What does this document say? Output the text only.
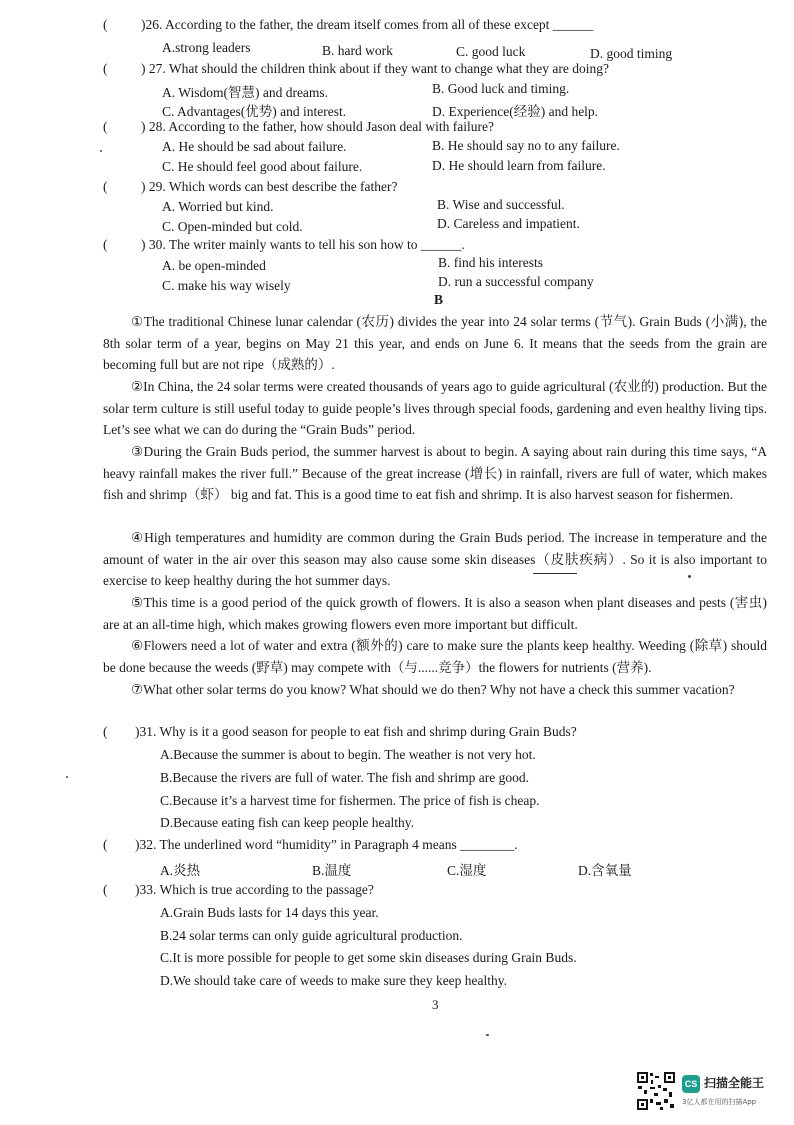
( )26. According to the father, the dream itself comes from all of these except ______
A.strong leaders	B. hard work	C. good luck	D. good timing
( ) 27. What should the children think about if they want to change what they are doing?
A. Wisdom(智慧) and dreams.	B. Good luck and timing.
C. Advantages(优势) and interest.	D. Experience(经验) and help.
( ) 28. According to the father, how should Jason deal with failure?
A. He should be sad about failure.	B. He should say no to any failure.
C. He should feel good about failure.	D. He should learn from failure.
( ) 29. Which words can best describe the father?
A. Worried but kind.	B. Wise and successful.
C. Open-minded but cold.	D. Careless and impatient.
( ) 30. The writer mainly wants to tell his son how to ______.
A. be open-minded	B. find his interests
C. make his way wisely	D. run a successful company
B
①The traditional Chinese lunar calendar (农历) divides the year into 24 solar terms (节气). Grain Buds (小满), the 8th solar term of a year, begins on May 21 this year, and ends on June 6. It means that the seeds from the grain are becoming full but are not ripe（成熟的）.
②In China, the 24 solar terms were created thousands of years ago to guide agricultural (农业的) production. But the solar term culture is still useful today to guide people’s lives through special foods, gardening and even healthy living tips. Let’s see what we can do during the “Grain Buds” period.
③During the Grain Buds period, the summer harvest is about to begin. A saying about rain during this time says, “A heavy rainfall makes the river full.” Because of the great increase (增长) in rainfall, rivers are full of water, which makes fish and shrimp（虾） big and fat. This is a good time to eat fish and shrimp. It is also harvest season for fishermen.
④High temperatures and humidity are common during the Grain Buds period. The increase in temperature and the amount of water in the air over this season may also cause some skin diseases（皮肤疾病）. So it is also important to exercise to keep healthy during the hot summer days.
⑤This time is a good period of the quick growth of flowers. It is also a season when plant diseases and pests (害虫) are at an all-time high, which makes growing flowers even more important but difficult.
⑥Flowers need a lot of water and extra (额外的) care to make sure the plants keep healthy. Weeding (除草) should be done because the weeds (野草) may compete with（与......竞争）the flowers for nutrients (营养).
⑦What other solar terms do you know? What should we do then? Why not have a check this summer vacation?
( )31. Why is it a good season for people to eat fish and shrimp during Grain Buds?
A.Because the summer is about to begin. The weather is not very hot.
B.Because the rivers are full of water. The fish and shrimp are good.
C.Because it’s a harvest time for fishermen. The price of fish is cheap.
D.Because eating fish can keep people healthy.
( )32. The underlined word “humidity” in Paragraph 4 means ________.
A.炎热	B.温度	C.湿度	D.含氧量
( )33. Which is true according to the passage?
A.Grain Buds lasts for 14 days this year.
B.24 solar terms can only guide agricultural production.
C.It is more possible for people to get some skin diseases during Grain Buds.
D.We should take care of weeds to make sure they keep healthy.
3
CS 扫描全能王
3亿人都在用的扫描App
